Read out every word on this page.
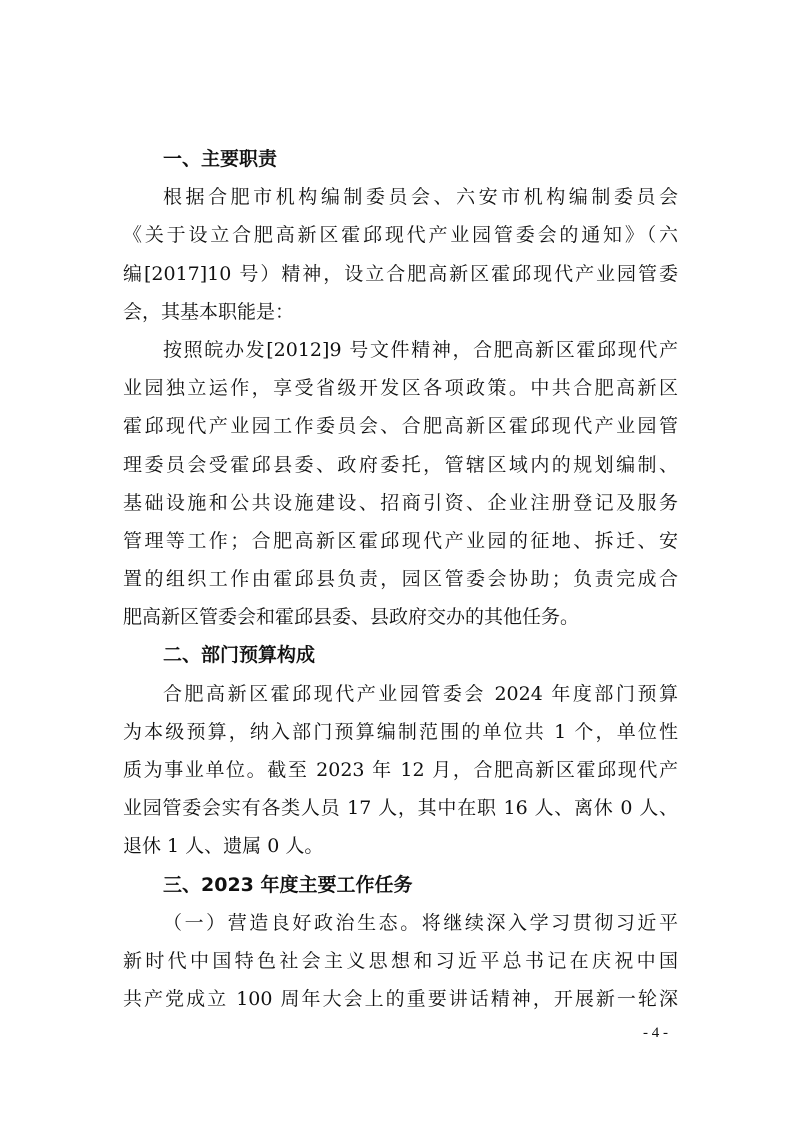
一、主要职责
根据合肥市机构编制委员会、六安市机构编制委员会
《关于设立合肥高新区霍邱现代产业园管委会的通知》（六
编[2017]10 号）精神，设立合肥高新区霍邱现代产业园管委
会，其基本职能是：
按照皖办发[2012]9 号文件精神，合肥高新区霍邱现代产
业园独立运作，享受省级开发区各项政策。中共合肥高新区
霍邱现代产业园工作委员会、合肥高新区霍邱现代产业园管
理委员会受霍邱县委、政府委托，管辖区域内的规划编制、
基础设施和公共设施建设、招商引资、企业注册登记及服务
管理等工作；合肥高新区霍邱现代产业园的征地、拆迁、安
置的组织工作由霍邱县负责，园区管委会协助；负责完成合
肥高新区管委会和霍邱县委、县政府交办的其他任务。
二、部门预算构成
合肥高新区霍邱现代产业园管委会 2024 年度部门预算
为本级预算，纳入部门预算编制范围的单位共 1 个，单位性
质为事业单位。截至 2023 年 12 月，合肥高新区霍邱现代产
业园管委会实有各类人员 17 人，其中在职 16 人、离休 0 人、
退休 1 人、遗属 0 人。
三、2023 年度主要工作任务
（一）营造良好政治生态。将继续深入学习贯彻习近平
新时代中国特色社会主义思想和习近平总书记在庆祝中国
共产党成立 100 周年大会上的重要讲话精神，开展新一轮深
- 4 -
